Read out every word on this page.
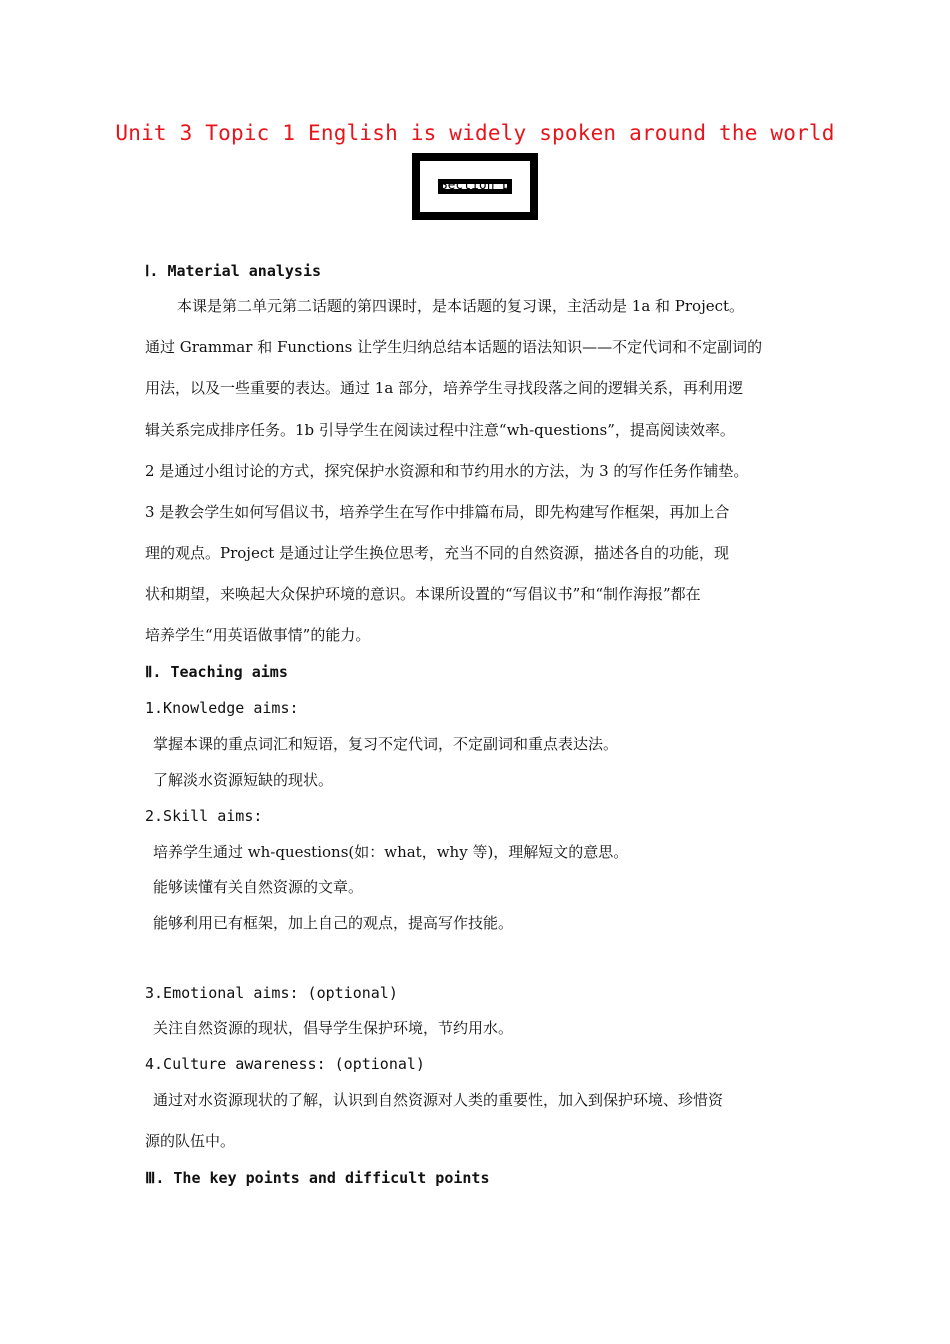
Unit 3 Topic 1 English is widely spoken around the world
Section D
Ⅰ. Material analysis
本课是第二单元第二话题的第四课时，是本话题的复习课，主活动是 1a 和 Project。
通过 Grammar 和 Functions 让学生归纳总结本话题的语法知识——不定代词和不定副词的
用法，以及一些重要的表达。通过 1a 部分，培养学生寻找段落之间的逻辑关系，再利用逻
辑关系完成排序任务。1b 引导学生在阅读过程中注意“wh-questions”，提高阅读效率。
2 是通过小组讨论的方式，探究保护水资源和和节约用水的方法，为 3 的写作任务作铺垫。
3 是教会学生如何写倡议书，培养学生在写作中排篇布局，即先构建写作框架，再加上合
理的观点。Project 是通过让学生换位思考，充当不同的自然资源，描述各自的功能，现
状和期望，来唤起大众保护环境的意识。本课所设置的“写倡议书”和“制作海报”都在
培养学生“用英语做事情”的能力。
Ⅱ. Teaching aims
1.Knowledge aims:
掌握本课的重点词汇和短语，复习不定代词，不定副词和重点表达法。
了解淡水资源短缺的现状。
2.Skill aims:
培养学生通过 wh-questions(如：what，why 等)，理解短文的意思。
能够读懂有关自然资源的文章。
能够利用已有框架，加上自己的观点，提高写作技能。
3.Emotional aims: (optional)
关注自然资源的现状，倡导学生保护环境，节约用水。
4.Culture awareness: (optional)
通过对水资源现状的了解，认识到自然资源对人类的重要性，加入到保护环境、珍惜资
源的队伍中。
Ⅲ. The key points and difficult points
